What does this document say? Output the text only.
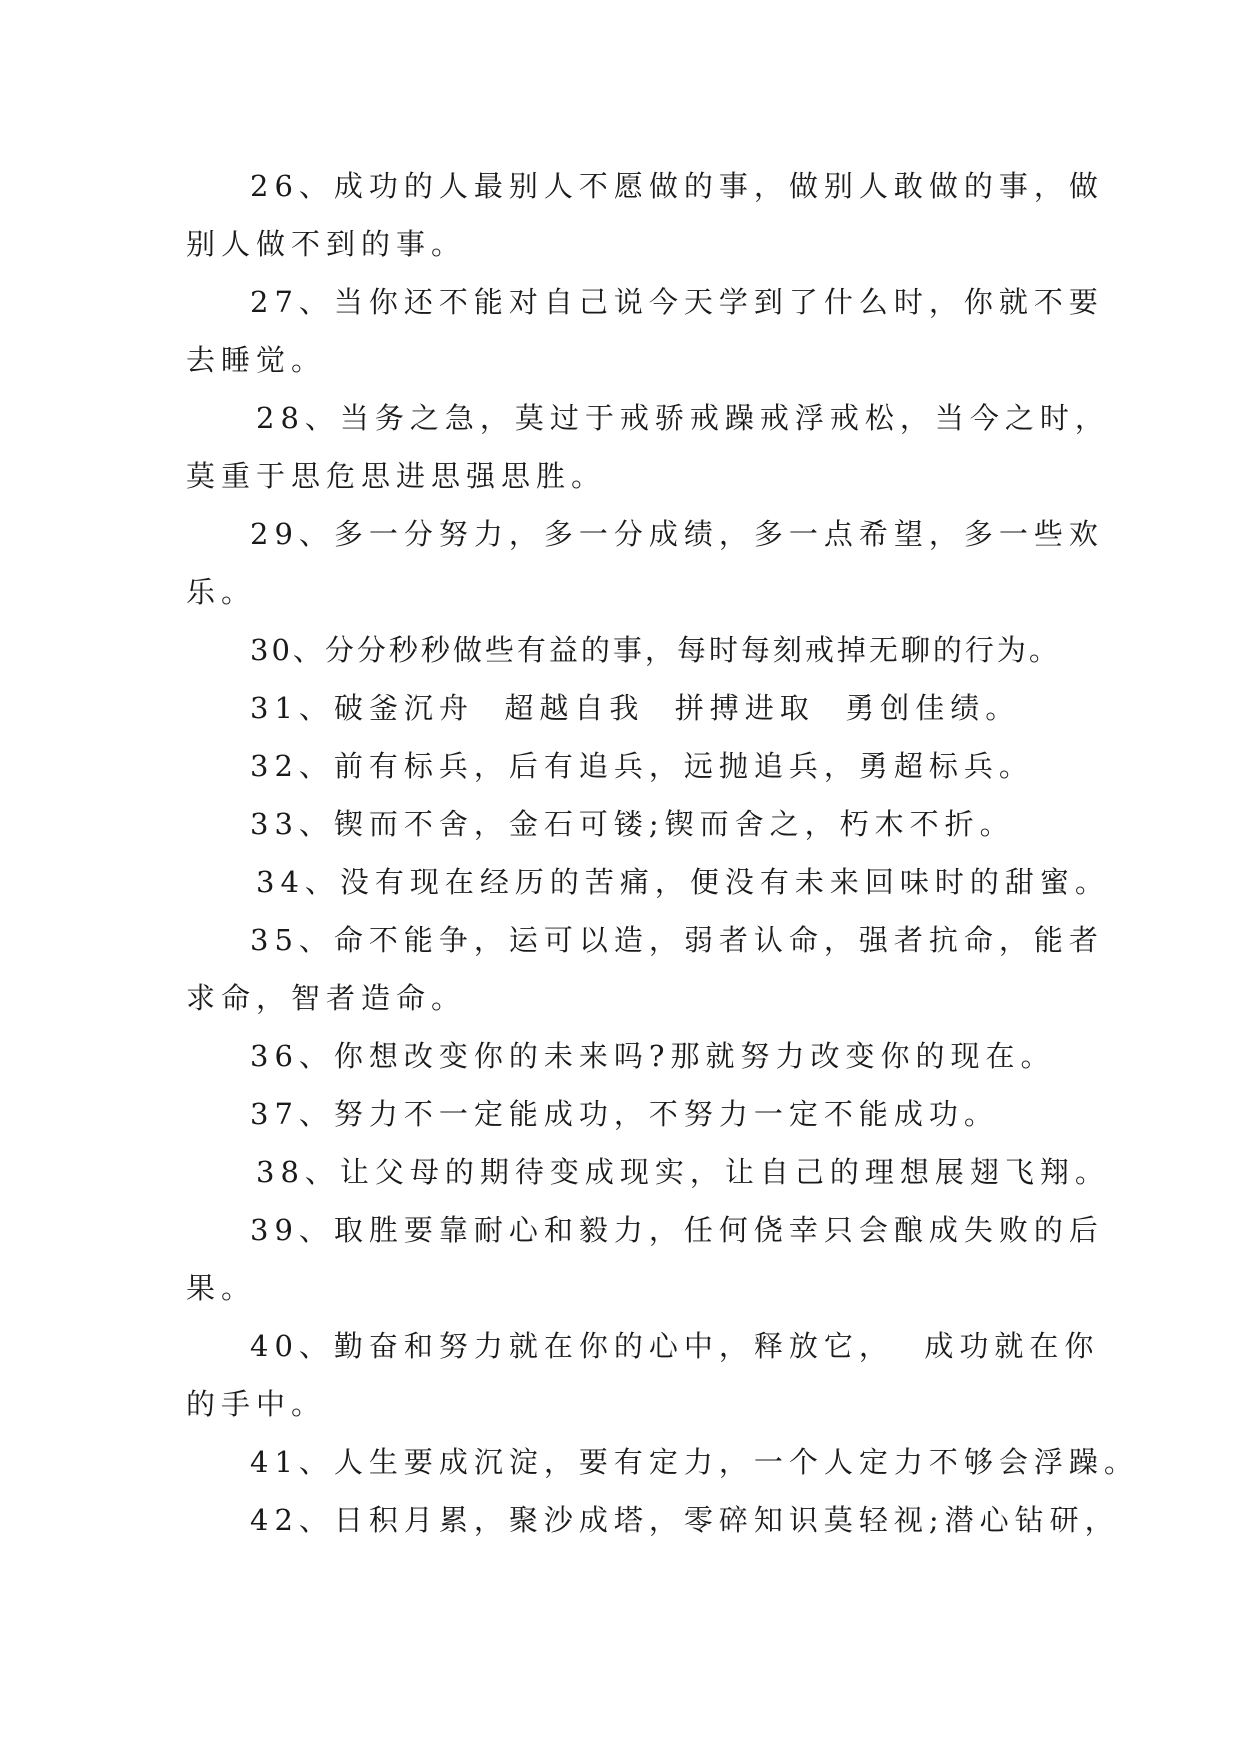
26、成功的人最别人不愿做的事，做别人敢做的事，做
别人做不到的事。
27、当你还不能对自己说今天学到了什么时，你就不要
去睡觉。
28、当务之急，莫过于戒骄戒躁戒浮戒松，当今之时，
莫重于思危思进思强思胜。
29、多一分努力，多一分成绩，多一点希望，多一些欢
乐。
30、分分秒秒做些有益的事，每时每刻戒掉无聊的行为。
31、破釜沉舟  超越自我  拼搏进取  勇创佳绩。
32、前有标兵，后有追兵，远抛追兵，勇超标兵。
33、锲而不舍，金石可镂;锲而舍之，朽木不折。
34、没有现在经历的苦痛，便没有未来回味时的甜蜜。
35、命不能争，运可以造，弱者认命，强者抗命，能者
求命，智者造命。
36、你想改变你的未来吗?那就努力改变你的现在。
37、努力不一定能成功，不努力一定不能成功。
38、让父母的期待变成现实，让自己的理想展翅飞翔。
39、取胜要靠耐心和毅力，任何侥幸只会酿成失败的后
果。
40、勤奋和努力就在你的心中，释放它，  成功就在你
的手中。
41、人生要成沉淀，要有定力，一个人定力不够会浮躁。
42、日积月累，聚沙成塔，零碎知识莫轻视;潜心钻研，
